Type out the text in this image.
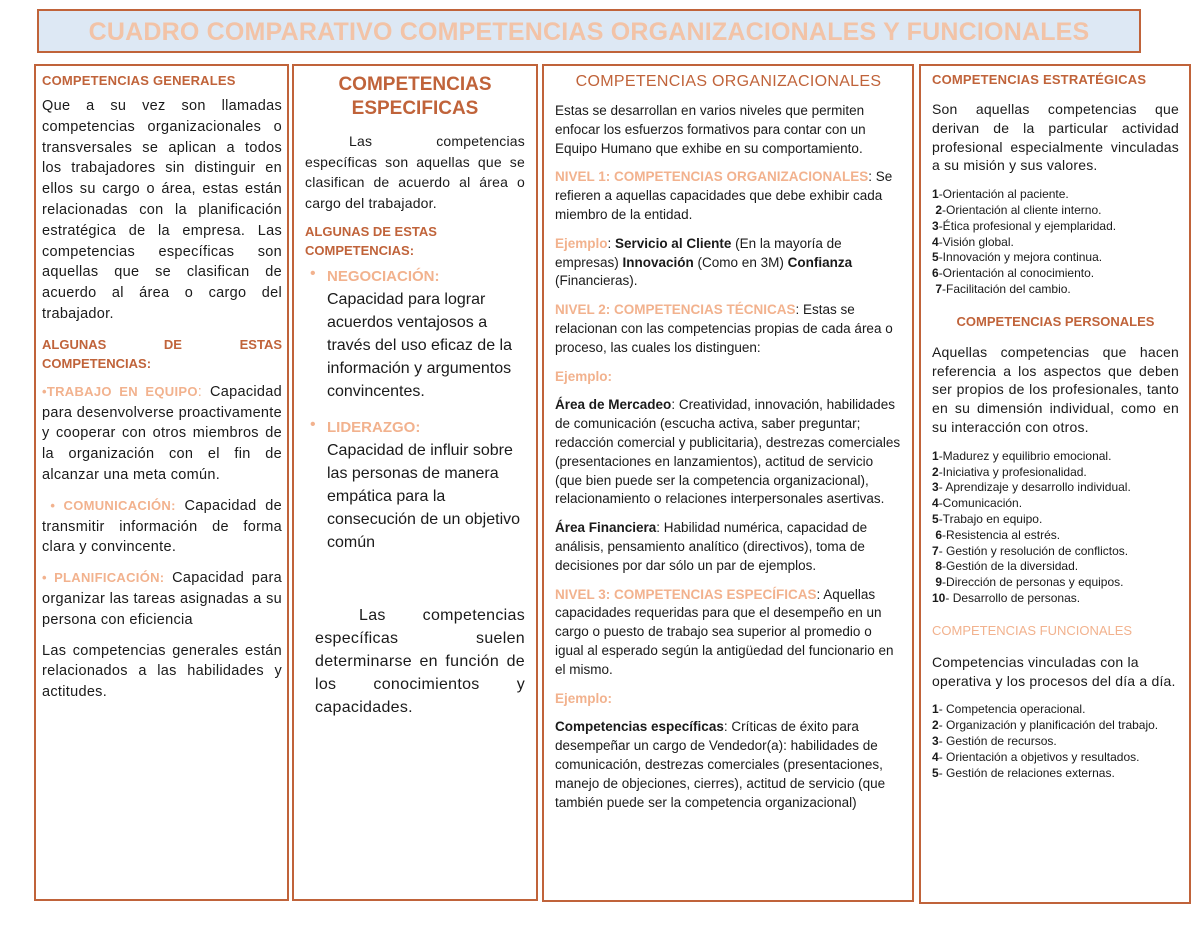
CUADRO COMPARATIVO COMPETENCIAS ORGANIZACIONALES Y FUNCIONALES
COMPETENCIAS GENERALES

Que a su vez son llamadas competencias organizacionales o transversales se aplican a todos los trabajadores sin distinguir en ellos su cargo o área, estas están relacionadas con la planificación estratégica de la empresa. Las competencias específicas son aquellas que se clasifican de acuerdo al área o cargo del trabajador.

ALGUNAS DE ESTAS COMPETENCIAS:

•TRABAJO EN EQUIPO: Capacidad para desenvolverse proactivamente y cooperar con otros miembros de la organización con el fin de alcanzar una meta común.

• COMUNICACIÓN: Capacidad de transmitir información de forma clara y convincente.

• PLANIFICACIÓN: Capacidad para organizar las tareas asignadas a su persona con eficiencia

Las competencias generales están relacionados a las habilidades y actitudes.

COMPETENCIAS ESPECIFICAS

Las competencias específicas son aquellas que se clasifican de acuerdo al área o cargo del trabajador.

ALGUNAS DE ESTAS COMPETENCIAS:
• NEGOCIACIÓN:
Capacidad para lograr acuerdos ventajosos a través del uso eficaz de la información y argumentos convincentes.
• LIDERAZGO:
Capacidad de influir sobre las personas de manera empática para la consecución de un objetivo común

Las competencias específicas suelen determinarse en función de los conocimientos y capacidades.

COMPETENCIAS ORGANIZACIONALES

Estas se desarrollan en varios niveles que permiten enfocar los esfuerzos formativos para contar con un Equipo Humano que exhibe en su comportamiento.

NIVEL 1: COMPETENCIAS ORGANIZACIONALES: Se refieren a aquellas capacidades que debe exhibir cada miembro de la entidad.

Ejemplo: Servicio al Cliente (En la mayoría de empresas) Innovación (Como en 3M) Confianza (Financieras).

NIVEL 2: COMPETENCIAS TÉCNICAS: Estas se relacionan con las competencias propias de cada área o proceso, las cuales los distinguen:

Ejemplo:

Área de Mercadeo: Creatividad, innovación, habilidades de comunicación (escucha activa, saber preguntar; redacción comercial y publicitaria), destrezas comerciales (presentaciones en lanzamientos), actitud de servicio (que bien puede ser la competencia organizacional), relacionamiento o relaciones interpersonales asertivas.

Área Financiera: Habilidad numérica, capacidad de análisis, pensamiento analítico (directivos), toma de decisiones por dar sólo un par de ejemplos.

NIVEL 3: COMPETENCIAS ESPECÍFICAS: Aquellas capacidades requeridas para que el desempeño en un cargo o puesto de trabajo sea superior al promedio o igual al esperado según la antigüedad del funcionario en el mismo.

Ejemplo:

Competencias específicas: Críticas de éxito para desempeñar un cargo de Vendedor(a): habilidades de comunicación, destrezas comerciales (presentaciones, manejo de objeciones, cierres), actitud de servicio (que también puede ser la competencia organizacional)

COMPETENCIAS ESTRATÉGICAS

Son aquellas competencias que derivan de la particular actividad profesional especialmente vinculadas a su misión y sus valores.

1-Orientación al paciente.
2-Orientación al cliente interno.
3-Ética profesional y ejemplaridad.
4-Visión global.
5-Innovación y mejora continua.
6-Orientación al conocimiento.
7-Facilitación del cambio.
COMPETENCIAS PERSONALES

Aquellas competencias que hacen referencia a los aspectos que deben ser propios de los profesionales, tanto en su dimensión individual, como en su interacción con otros.

1-Madurez y equilibrio emocional.
2-Iniciativa y profesionalidad.
3- Aprendizaje y desarrollo individual.
4-Comunicación.
5-Trabajo en equipo.
6-Resistencia al estrés.
7- Gestión y resolución de conflictos.
8-Gestión de la diversidad.
9-Dirección de personas y equipos.
10- Desarrollo de personas.
COMPETENCIAS FUNCIONALES

Competencias vinculadas con la operativa y los procesos del día a día.

1- Competencia operacional.
2- Organización y planificación del trabajo.
3- Gestión de recursos.
4- Orientación a objetivos y resultados.
5- Gestión de relaciones externas.
